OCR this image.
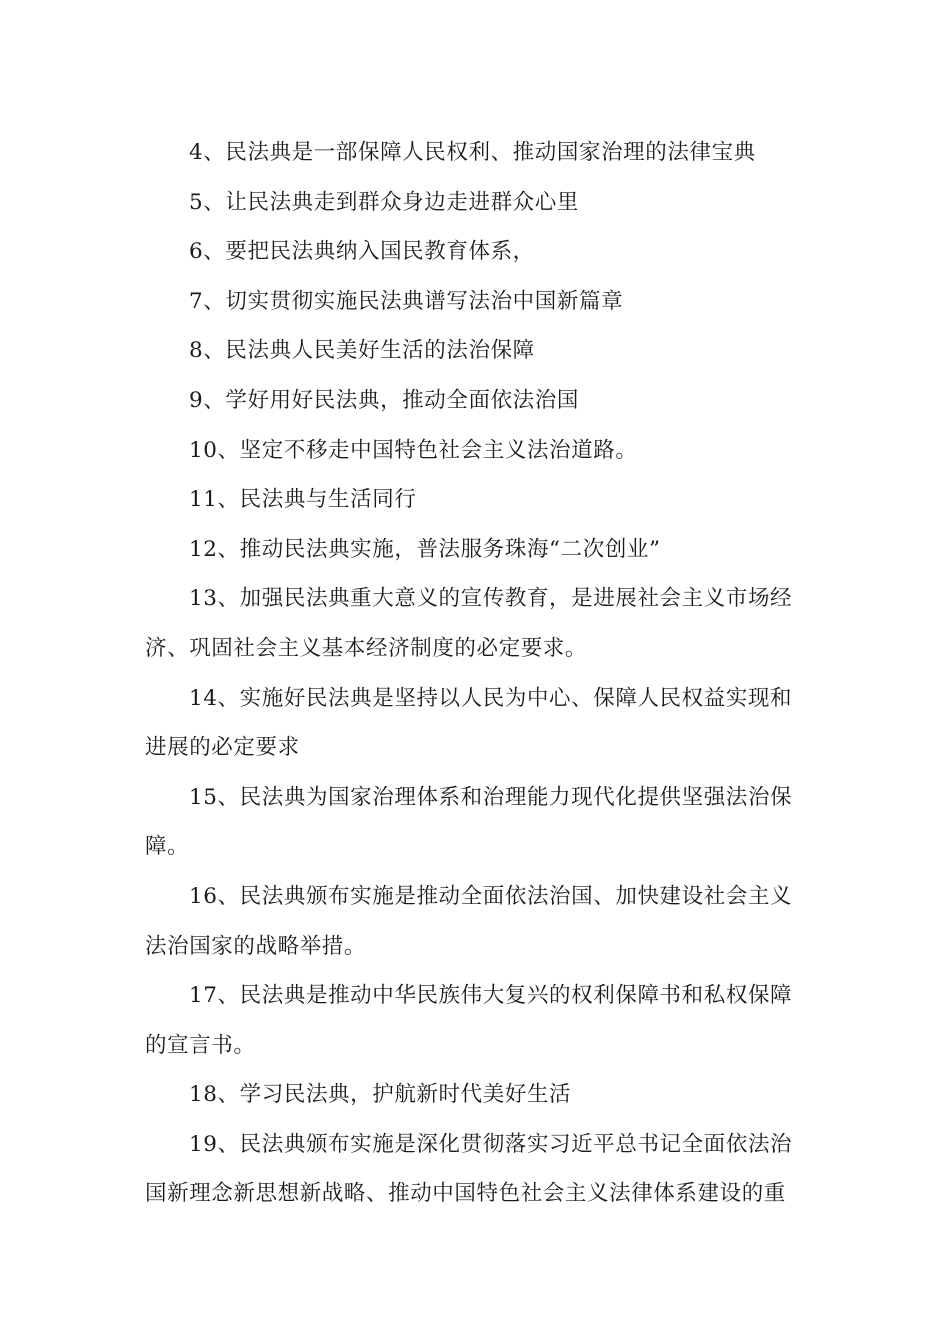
4、民法典是一部保障人民权利、推动国家治理的法律宝典

5、让民法典走到群众身边走进群众心里

6、要把民法典纳入国民教育体系，

7、切实贯彻实施民法典谱写法治中国新篇章

8、民法典人民美好生活的法治保障

9、学好用好民法典，推动全面依法治国

10、坚定不移走中国特色社会主义法治道路。

11、民法典与生活同行

12、推动民法典实施，普法服务珠海“二次创业”

13、加强民法典重大意义的宣传教育，是进展社会主义市场经济、巩固社会主义基本经济制度的必定要求。

14、实施好民法典是坚持以人民为中心、保障人民权益实现和进展的必定要求

15、民法典为国家治理体系和治理能力现代化提供坚强法治保障。

16、民法典颁布实施是推动全面依法治国、加快建设社会主义法治国家的战略举措。

17、民法典是推动中华民族伟大复兴的权利保障书和私权保障的宣言书。

18、学习民法典，护航新时代美好生活

19、民法典颁布实施是深化贯彻落实习近平总书记全面依法治国新理念新思想新战略、推动中国特色社会主义法律体系建设的重
